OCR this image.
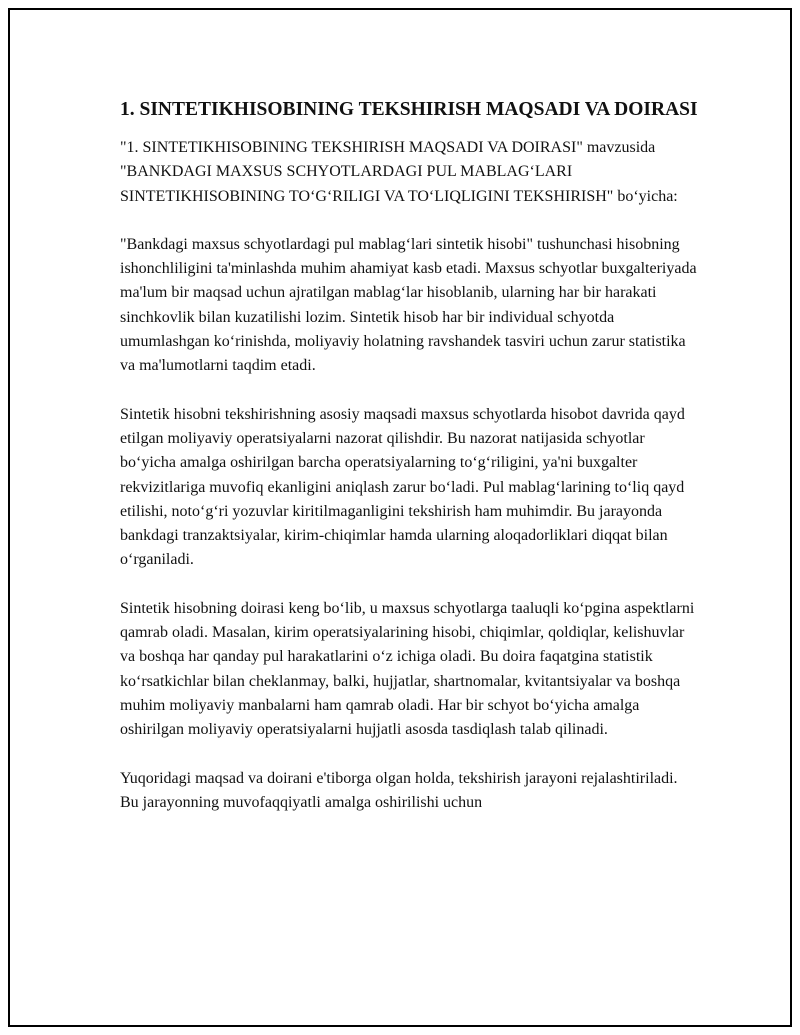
1. SINTETIKHISOBINING TEKSHIRISH MAQSADI VA DOIRASI

"1. SINTETIKHISOBINING TEKSHIRISH MAQSADI VA DOIRASI" mavzusida "BANKDAGI MAXSUS SCHYOTLARDAGI PUL MABLAG‘LARI SINTETIKHISOBINING TO‘G‘RILIGI VA TO‘LIQLIGINI TEKSHIRISH" bo‘yicha:

"Bankdagi maxsus schyotlardagi pul mablag‘lari sintetik hisobi" tushunchasi hisobning ishonchliligini ta'minlashda muhim ahamiyat kasb etadi. Maxsus schyotlar buxgalteriyada ma'lum bir maqsad uchun ajratilgan mablag‘lar hisoblanib, ularning har bir harakati sinchkovlik bilan kuzatilishi lozim. Sintetik hisob har bir individual schyotda umumlashgan ko‘rinishda, moliyaviy holatning ravshandek tasviri uchun zarur statistika va ma'lumotlarni taqdim etadi.

Sintetik hisobni tekshirishning asosiy maqsadi maxsus schyotlarda hisobot davrida qayd etilgan moliyaviy operatsiyalarni nazorat qilishdir. Bu nazorat natijasida schyotlar bo‘yicha amalga oshirilgan barcha operatsiyalarning to‘g‘riligini, ya'ni buxgalter rekvizitlariga muvofiq ekanligini aniqlash zarur bo‘ladi. Pul mablag‘larining to‘liq qayd etilishi, noto‘g‘ri yozuvlar kiritilmaganligini tekshirish ham muhimdir. Bu jarayonda bankdagi tranzaktsiyalar, kirim-chiqimlar hamda ularning aloqadorliklari diqqat bilan o‘rganiladi.

Sintetik hisobning doirasi keng bo‘lib, u maxsus schyotlarga taaluqli ko‘pgina aspektlarni qamrab oladi. Masalan, kirim operatsiyalarining hisobi, chiqimlar, qoldiqlar, kelishuvlar va boshqa har qanday pul harakatlarini o‘z ichiga oladi. Bu doira faqatgina statistik ko‘rsatkichlar bilan cheklanmay, balki, hujjatlar, shartnomalar, kvitantsiyalar va boshqa muhim moliyaviy manbalarni ham qamrab oladi. Har bir schyot bo‘yicha amalga oshirilgan moliyaviy operatsiyalarni hujjatli asosda tasdiqlash talab qilinadi.

Yuqoridagi maqsad va doirani e'tiborga olgan holda, tekshirish jarayoni rejalashtiriladi. Bu jarayonning muvofaqqiyatli amalga oshirilishi uchun
